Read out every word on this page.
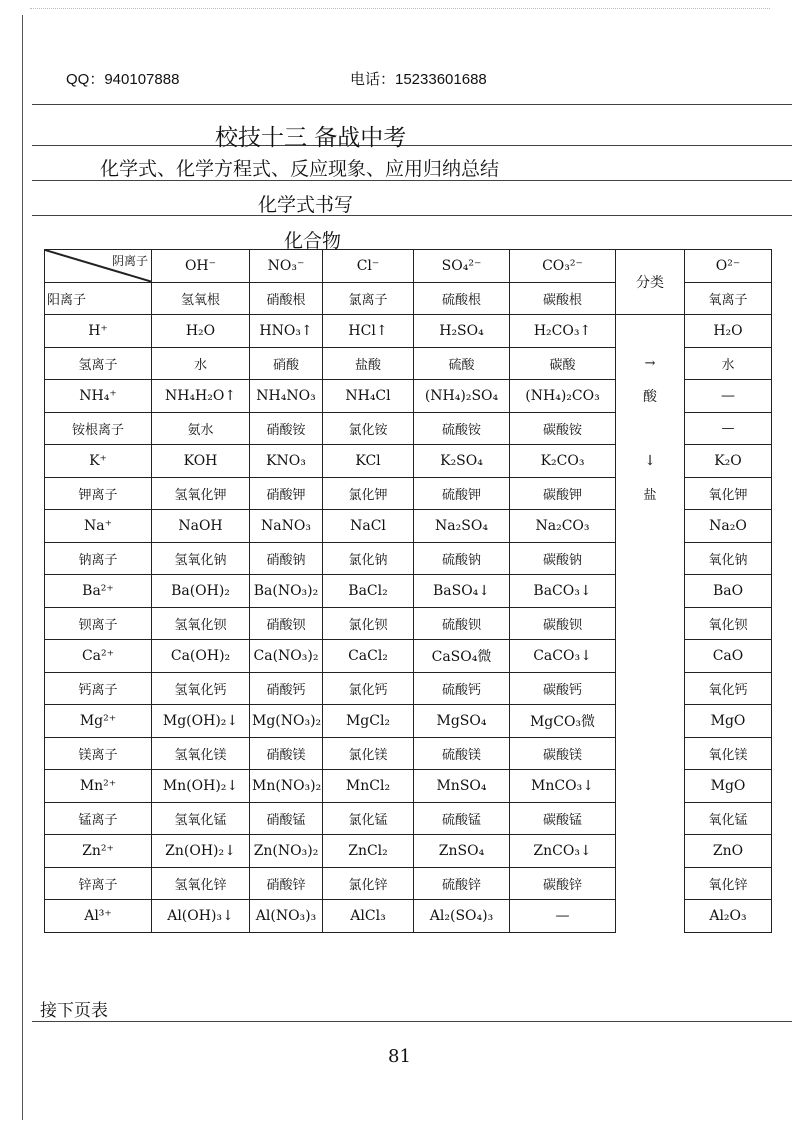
QQ：940107888	电话：15233601688
校技十三 备战中考
化学式、化学方程式、反应现象、应用归纳总结
化学式书写
化合物
阴离子	OH⁻	NO₃⁻	Cl⁻	SO₄²⁻	CO₃²⁻	分类	O²⁻
阳离子	氢氧根	硝酸根	氯离子	硫酸根	碳酸根		氧离子
H⁺	H₂O	HNO₃↑	HCl↑	H₂SO₄	H₂CO₃↑		H₂O
氢离子	水	硝酸	盐酸	硫酸	碳酸	→	水
NH₄⁺	NH₄H₂O↑	NH₄NO₃	NH₄Cl	(NH₄)₂SO₄	(NH₄)₂CO₃	酸	—
铵根离子	氨水	硝酸铵	氯化铵	硫酸铵	碳酸铵		—
K⁺	KOH	KNO₃	KCl	K₂SO₄	K₂CO₃	↓	K₂O
钾离子	氢氧化钾	硝酸钾	氯化钾	硫酸钾	碳酸钾	盐	氧化钾
Na⁺	NaOH	NaNO₃	NaCl	Na₂SO₄	Na₂CO₃		Na₂O
钠离子	氢氧化钠	硝酸钠	氯化钠	硫酸钠	碳酸钠		氧化钠
Ba²⁺	Ba(OH)₂	Ba(NO₃)₂	BaCl₂	BaSO₄↓	BaCO₃↓		BaO
钡离子	氢氧化钡	硝酸钡	氯化钡	硫酸钡	碳酸钡		氧化钡
Ca²⁺	Ca(OH)₂	Ca(NO₃)₂	CaCl₂	CaSO₄微	CaCO₃↓		CaO
钙离子	氢氧化钙	硝酸钙	氯化钙	硫酸钙	碳酸钙		氧化钙
Mg²⁺	Mg(OH)₂↓	Mg(NO₃)₂	MgCl₂	MgSO₄	MgCO₃微		MgO
镁离子	氢氧化镁	硝酸镁	氯化镁	硫酸镁	碳酸镁		氧化镁
Mn²⁺	Mn(OH)₂↓	Mn(NO₃)₂	MnCl₂	MnSO₄	MnCO₃↓		MgO
锰离子	氢氧化锰	硝酸锰	氯化锰	硫酸锰	碳酸锰		氧化锰
Zn²⁺	Zn(OH)₂↓	Zn(NO₃)₂	ZnCl₂	ZnSO₄	ZnCO₃↓		ZnO
锌离子	氢氧化锌	硝酸锌	氯化锌	硫酸锌	碳酸锌		氧化锌
Al³⁺	Al(OH)₃↓	Al(NO₃)₃	AlCl₃	Al₂(SO₄)₃	—		Al₂O₃
接下页表
81
